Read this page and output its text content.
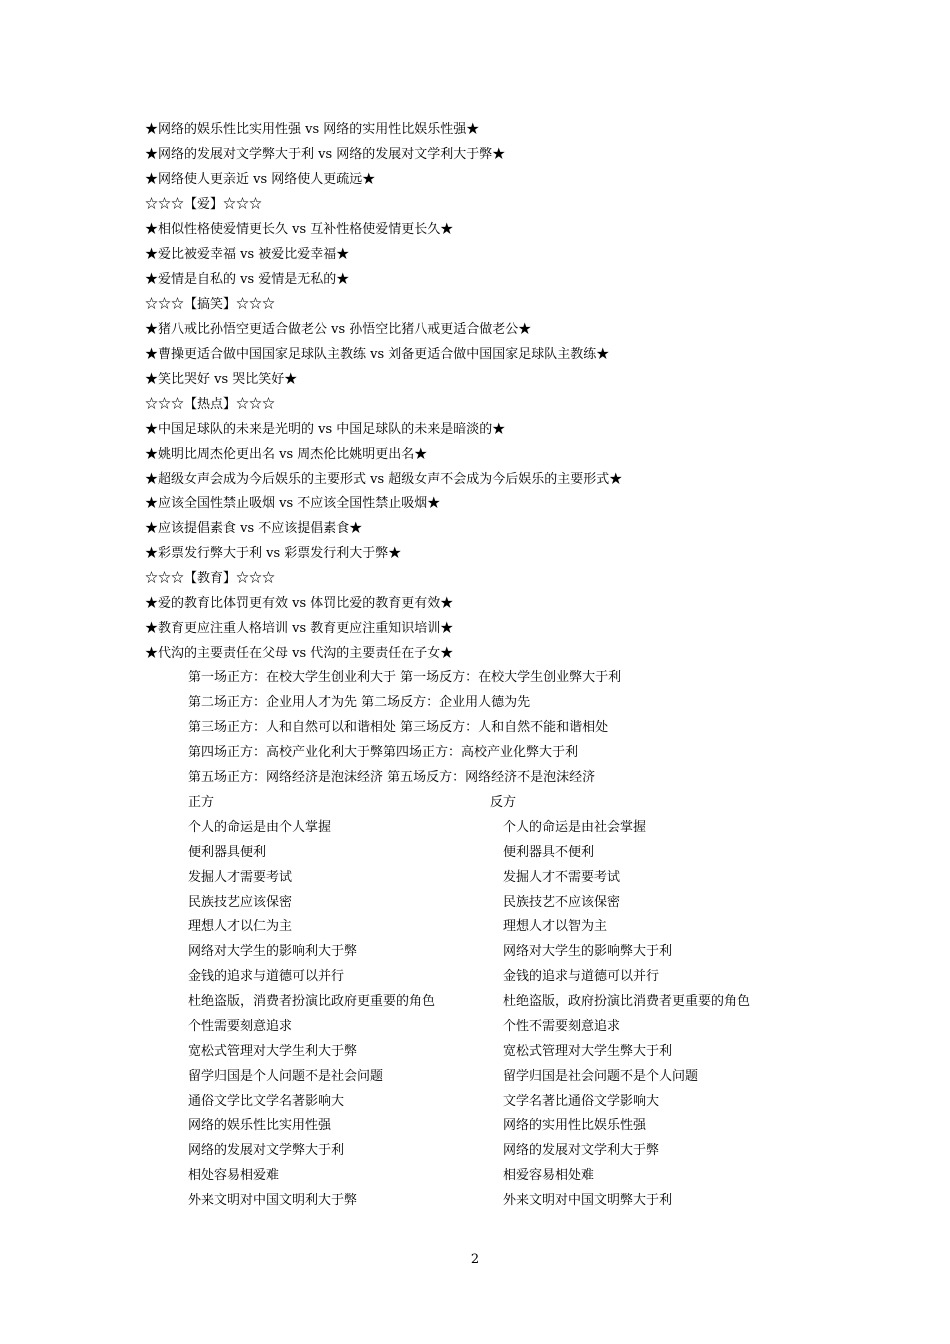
★网络的娱乐性比实用性强 vs 网络的实用性比娱乐性强★
★网络的发展对文学弊大于利 vs 网络的发展对文学利大于弊★
★网络使人更亲近 vs 网络使人更疏远★
☆☆☆【爱】☆☆☆
★相似性格使爱情更长久 vs 互补性格使爱情更长久★
★爱比被爱幸福 vs 被爱比爱幸福★
★爱情是自私的 vs 爱情是无私的★
☆☆☆【搞笑】☆☆☆
★猪八戒比孙悟空更适合做老公 vs 孙悟空比猪八戒更适合做老公★
★曹操更适合做中国国家足球队主教练 vs 刘备更适合做中国国家足球队主教练★
★笑比哭好 vs 哭比笑好★
☆☆☆【热点】☆☆☆
★中国足球队的未来是光明的 vs 中国足球队的未来是暗淡的★
★姚明比周杰伦更出名 vs 周杰伦比姚明更出名★
★超级女声会成为今后娱乐的主要形式 vs 超级女声不会成为今后娱乐的主要形式★
★应该全国性禁止吸烟 vs 不应该全国性禁止吸烟★
★应该提倡素食 vs 不应该提倡素食★
★彩票发行弊大于利 vs 彩票发行利大于弊★
☆☆☆【教育】☆☆☆
★爱的教育比体罚更有效 vs 体罚比爱的教育更有效★
★教育更应注重人格培训 vs 教育更应注重知识培训★
★代沟的主要责任在父母 vs 代沟的主要责任在子女★
第一场正方：在校大学生创业利大于 第一场反方：在校大学生创业弊大于利
第二场正方：企业用人才为先 第二场反方：企业用人德为先
第三场正方：人和自然可以和谐相处 第三场反方：人和自然不能和谐相处
第四场正方：高校产业化利大于弊第四场正方：高校产业化弊大于利
第五场正方：网络经济是泡沫经济 第五场反方：网络经济不是泡沫经济
正方	反方
个人的命运是由个人掌握	个人的命运是由社会掌握
便利器具便利	便利器具不便利
发掘人才需要考试	发掘人才不需要考试
民族技艺应该保密	民族技艺不应该保密
理想人才以仁为主	理想人才以智为主
网络对大学生的影响利大于弊	网络对大学生的影响弊大于利
金钱的追求与道德可以并行	金钱的追求与道德可以并行
杜绝盗版，消费者扮演比政府更重要的角色	杜绝盗版，政府扮演比消费者更重要的角色
个性需要刻意追求	个性不需要刻意追求
宽松式管理对大学生利大于弊	宽松式管理对大学生弊大于利
留学归国是个人问题不是社会问题	留学归国是社会问题不是个人问题
通俗文学比文学名著影响大	文学名著比通俗文学影响大
网络的娱乐性比实用性强	网络的实用性比娱乐性强
网络的发展对文学弊大于利	网络的发展对文学利大于弊
相处容易相爱难	相爱容易相处难
外来文明对中国文明利大于弊	外来文明对中国文明弊大于利
2
